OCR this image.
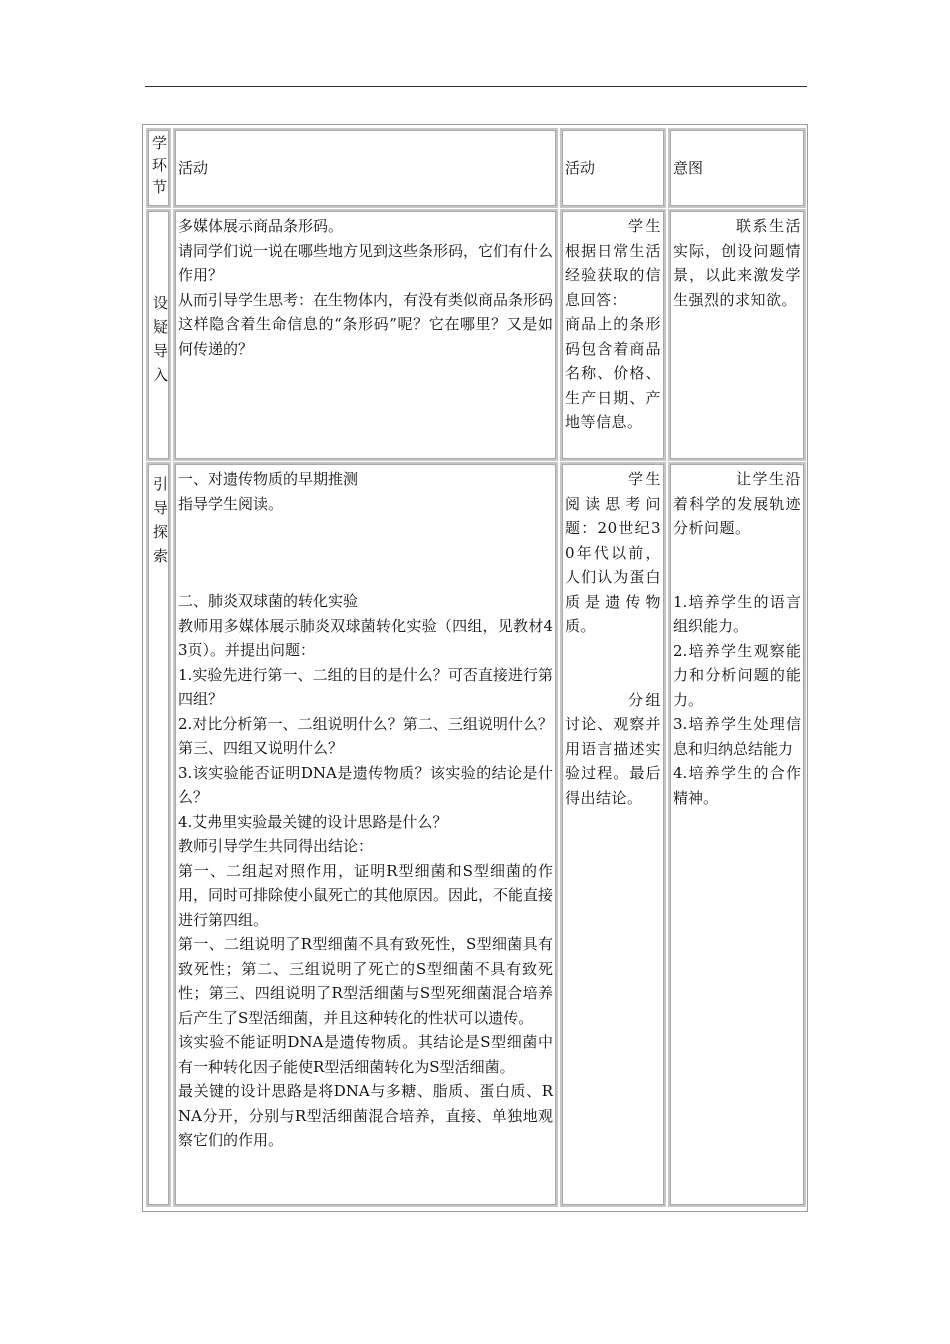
学环节
活动	活动	意图
设疑导入

多媒体展示商品条形码。

请同学们说一说在哪些地方见到这些条形码，它们有什么作用？

从而引导学生思考：在生物体内，有没有类似商品条形码这样隐含着生命信息的“条形码”呢？它在哪里？又是如何传递的？

学生根据日常生活经验获取的信息回答：

商品上的条形码包含着商品名称、价格、生产日期、产地等信息。

联系生活实际，创设问题情景，以此来激发学生强烈的求知欲。

引导探索

一、对遗传物质的早期推测

指导学生阅读。

二、肺炎双球菌的转化实验

教师用多媒体展示肺炎双球菌转化实验（四组，见教材43页）。并提出问题：

1.实验先进行第一、二组的目的是什么？可否直接进行第四组？

2.对比分析第一、二组说明什么？第二、三组说明什么？第三、四组又说明什么？

3.该实验能否证明DNA是遗传物质？该实验的结论是什么？

4.艾弗里实验最关键的设计思路是什么？

教师引导学生共同得出结论：

第一、二组起对照作用，证明R型细菌和S型细菌的作用，同时可排除使小鼠死亡的其他原因。因此，不能直接进行第四组。

第一、二组说明了R型细菌不具有致死性，S型细菌具有致死性；第二、三组说明了死亡的S型细菌不具有致死性；第三、四组说明了R型活细菌与S型死细菌混合培养后产生了S型活细菌，并且这种转化的性状可以遗传。

该实验不能证明DNA是遗传物质。其结论是S型细菌中有一种转化因子能使R型活细菌转化为S型活细菌。

最关键的设计思路是将DNA与多糖、脂质、蛋白质、RNA分开，分别与R型活细菌混合培养，直接、单独地观察它们的作用。

学生阅读思考问题：20世纪30年代以前，人们认为蛋白质是遗传物质。

分组讨论、观察并用语言描述实验过程。最后得出结论。

让学生沿着科学的发展轨迹分析问题。

1.培养学生的语言组织能力。

2.培养学生观察能力和分析问题的能力。

3.培养学生处理信息和归纳总结能力

4.培养学生的合作精神。
